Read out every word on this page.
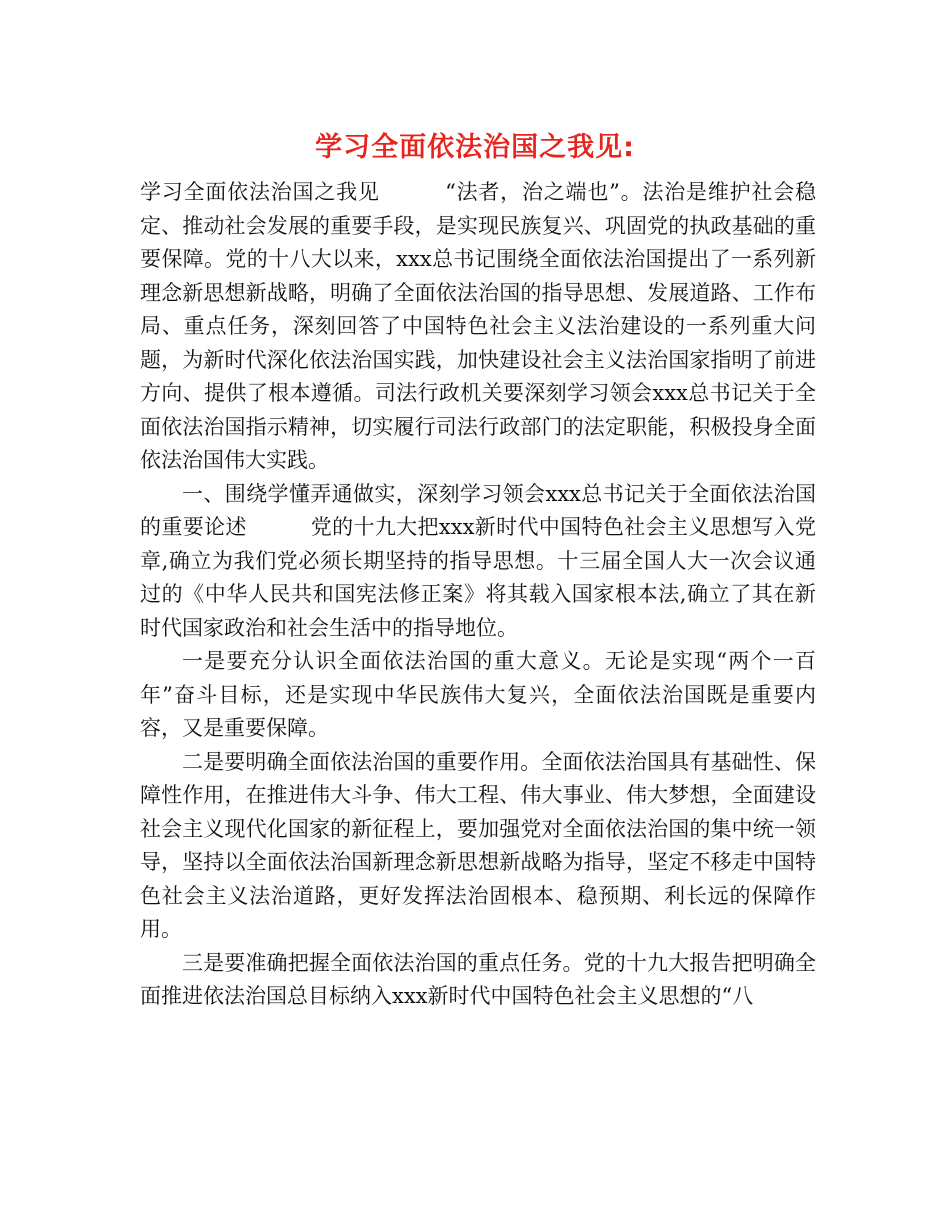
学习全面依法治国之我见:

学习全面依法治国之我见　　　“法者，治之端也”。法治是维护社会稳定、推动社会发展的重要手段，是实现民族复兴、巩固党的执政基础的重要保障。党的十八大以来，xxx总书记围绕全面依法治国提出了一系列新理念新思想新战略，明确了全面依法治国的指导思想、发展道路、工作布局、重点任务，深刻回答了中国特色社会主义法治建设的一系列重大问题，为新时代深化依法治国实践，加快建设社会主义法治国家指明了前进方向、提供了根本遵循。司法行政机关要深刻学习领会xxx总书记关于全面依法治国指示精神，切实履行司法行政部门的法定职能，积极投身全面依法治国伟大实践。

一、围绕学懂弄通做实，深刻学习领会xxx总书记关于全面依法治国的重要论述　　　党的十九大把xxx新时代中国特色社会主义思想写入党章,确立为我们党必须长期坚持的指导思想。十三届全国人大一次会议通过的《中华人民共和国宪法修正案》将其载入国家根本法,确立了其在新时代国家政治和社会生活中的指导地位。

一是要充分认识全面依法治国的重大意义。无论是实现“两个一百年”奋斗目标，还是实现中华民族伟大复兴，全面依法治国既是重要内容，又是重要保障。

二是要明确全面依法治国的重要作用。全面依法治国具有基础性、保障性作用，在推进伟大斗争、伟大工程、伟大事业、伟大梦想，全面建设社会主义现代化国家的新征程上，要加强党对全面依法治国的集中统一领导，坚持以全面依法治国新理念新思想新战略为指导，坚定不移走中国特色社会主义法治道路，更好发挥法治固根本、稳预期、利长远的保障作用。

三是要准确把握全面依法治国的重点任务。党的十九大报告把明确全面推进依法治国总目标纳入xxx新时代中国特色社会主义思想的“八
